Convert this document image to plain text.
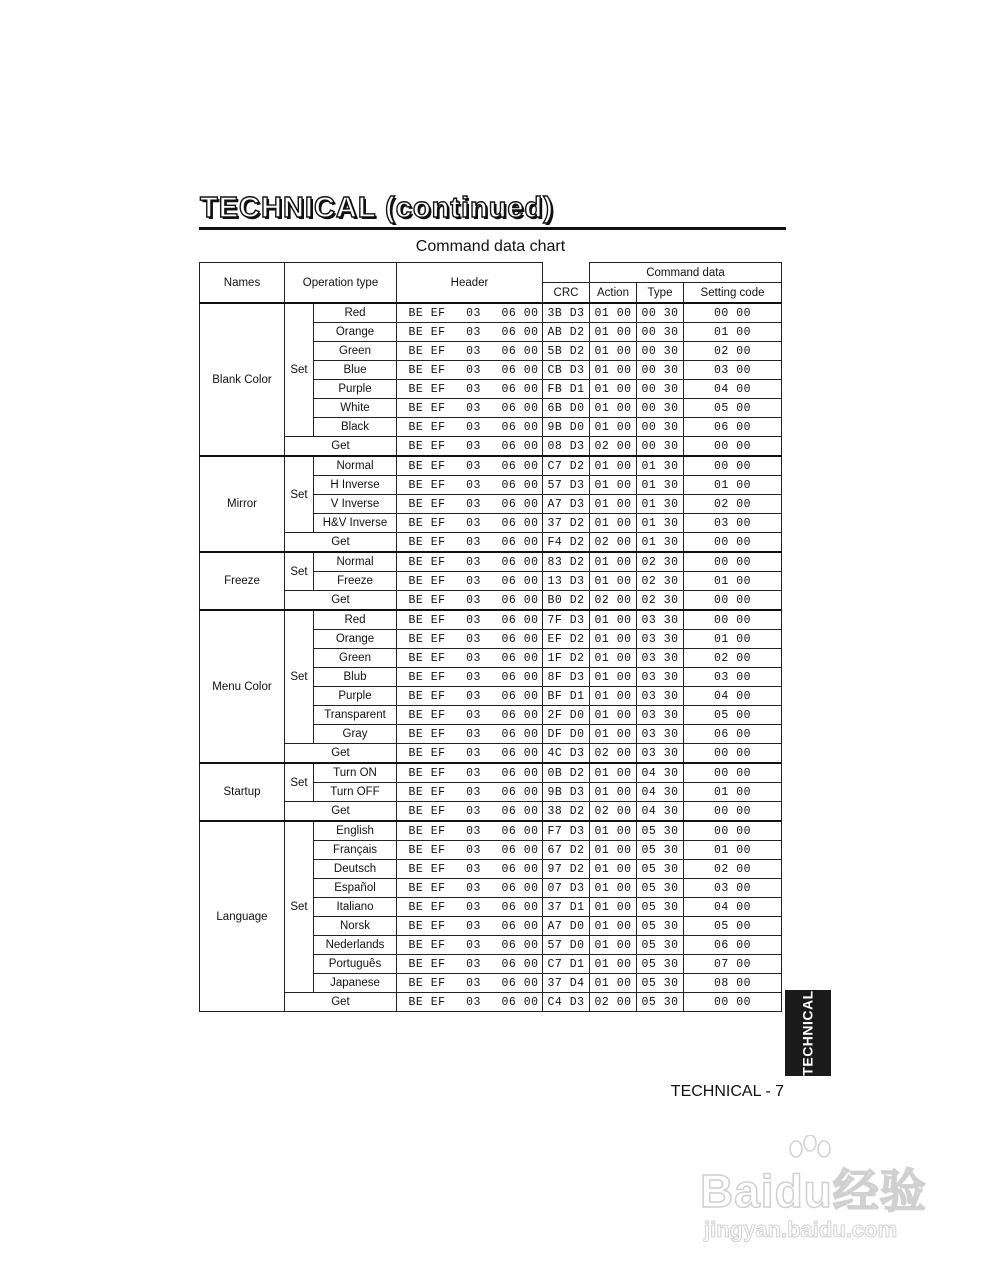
TECHNICAL (continued)
Command data chart
Names	Operation type		Header		Command data		
				CRC	Action	Type	Setting code
Blank Color	Set	Red	BE EF 03 06 00	3B D3	01 00	00 30	00 00
		Orange	BE EF 03 06 00	AB D2	01 00	00 30	01 00
		Green	BE EF 03 06 00	5B D2	01 00	00 30	02 00
		Blue	BE EF 03 06 00	CB D3	01 00	00 30	03 00
		Purple	BE EF 03 06 00	FB D1	01 00	00 30	04 00
		White	BE EF 03 06 00	6B D0	01 00	00 30	05 00
		Black	BE EF 03 06 00	9B D0	01 00	00 30	06 00
	Get		BE EF 03 06 00	08 D3	02 00	00 30	00 00
Mirror	Set	Normal	BE EF 03 06 00	C7 D2	01 00	01 30	00 00
		H Inverse	BE EF 03 06 00	57 D3	01 00	01 30	01 00
		V Inverse	BE EF 03 06 00	A7 D3	01 00	01 30	02 00
		H&V Inverse	BE EF 03 06 00	37 D2	01 00	01 30	03 00
	Get		BE EF 03 06 00	F4 D2	02 00	01 30	00 00
Freeze	Set	Normal	BE EF 03 06 00	83 D2	01 00	02 30	00 00
		Freeze	BE EF 03 06 00	13 D3	01 00	02 30	01 00
	Get		BE EF 03 06 00	B0 D2	02 00	02 30	00 00
Menu Color	Set	Red	BE EF 03 06 00	7F D3	01 00	03 30	00 00
		Orange	BE EF 03 06 00	EF D2	01 00	03 30	01 00
		Green	BE EF 03 06 00	1F D2	01 00	03 30	02 00
		Blub	BE EF 03 06 00	8F D3	01 00	03 30	03 00
		Purple	BE EF 03 06 00	BF D1	01 00	03 30	04 00
		Transparent	BE EF 03 06 00	2F D0	01 00	03 30	05 00
		Gray	BE EF 03 06 00	DF D0	01 00	03 30	06 00
	Get		BE EF 03 06 00	4C D3	02 00	03 30	00 00
Startup	Set	Turn ON	BE EF 03 06 00	0B D2	01 00	04 30	00 00
		Turn OFF	BE EF 03 06 00	9B D3	01 00	04 30	01 00
	Get		BE EF 03 06 00	38 D2	02 00	04 30	00 00
Language	Set	English	BE EF 03 06 00	F7 D3	01 00	05 30	00 00
		Français	BE EF 03 06 00	67 D2	01 00	05 30	01 00
		Deutsch	BE EF 03 06 00	97 D2	01 00	05 30	02 00
		Español	BE EF 03 06 00	07 D3	01 00	05 30	03 00
		Italiano	BE EF 03 06 00	37 D1	01 00	05 30	04 00
		Norsk	BE EF 03 06 00	A7 D0	01 00	05 30	05 00
		Nederlands	BE EF 03 06 00	57 D0	01 00	05 30	06 00
		Português	BE EF 03 06 00	C7 D1	01 00	05 30	07 00
		Japanese	BE EF 03 06 00	37 D4	01 00	05 30	08 00
	Get		BE EF 03 06 00	C4 D3	02 00	05 30	00 00	TECHNICAL
TECHNICAL - 7
Baidu经验
jingyan.baidu.com
